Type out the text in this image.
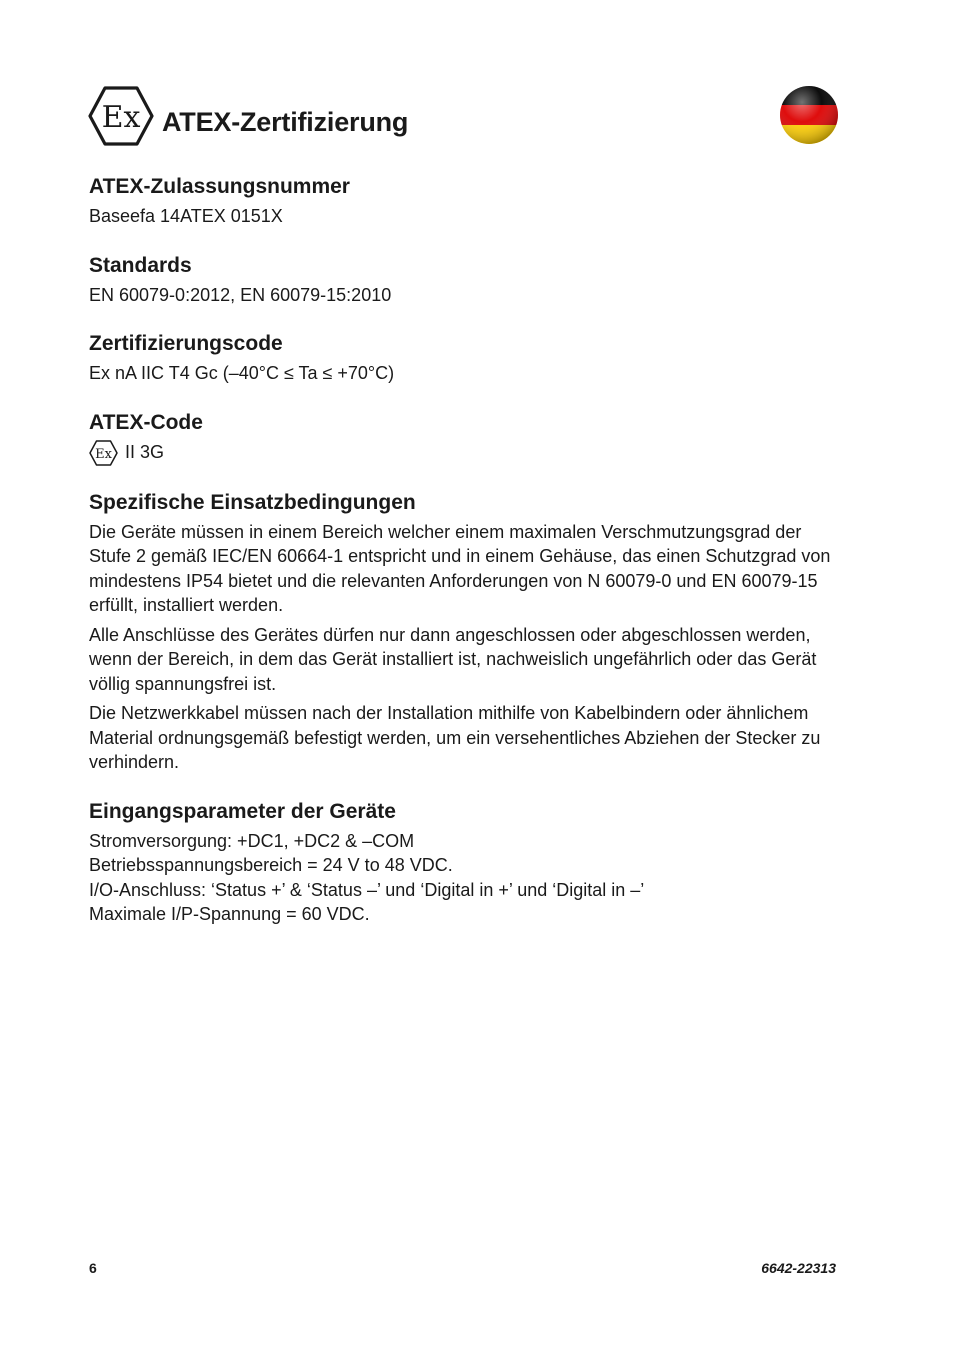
Ex ATEX-Zertifizierung
ATEX-Zulassungsnummer

Baseefa 14ATEX 0151X

Standards

EN 60079-0:2012, EN 60079-15:2010

Zertifizierungscode

Ex nA IIC T4 Gc (–40°C ≤ Ta ≤ +70°C)

ATEX-Code
Ex II 3G
Spezifische Einsatzbedingungen

Die Geräte müssen in einem Bereich welcher einem maximalen Verschmutzungsgrad der Stufe 2 gemäß IEC/EN 60664-1 entspricht und in einem Gehäuse, das einen Schutzgrad von mindestens IP54 bietet und die relevanten Anforderungen von N 60079-0 und EN 60079-15 erfüllt, installiert werden.

Alle Anschlüsse des Gerätes dürfen nur dann angeschlossen oder abgeschlossen werden, wenn der Bereich, in dem das Gerät installiert ist, nachweislich ungefährlich oder das Gerät völlig spannungsfrei ist.

Die Netzwerkkabel müssen nach der Installation mithilfe von Kabelbindern oder ähnlichem Material ordnungsgemäß befestigt werden, um ein versehentliches Abziehen der Stecker zu verhindern.

Eingangsparameter der Geräte

Stromversorgung: +DC1, +DC2 & –COM

Betriebsspannungsbereich = 24 V to 48 VDC.

I/O-Anschluss: ‘Status +’ & ‘Status –’ und ‘Digital in +’ und ‘Digital in –’

Maximale I/P-Spannung = 60 VDC.

6	6642-22313
